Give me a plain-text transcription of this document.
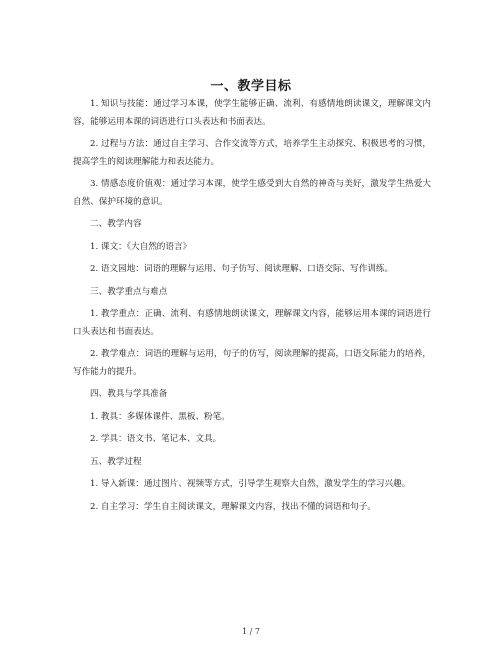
一、教学目标

1. 知识与技能：通过学习本课，使学生能够正确、流利、有感情地朗读课文，理解课文内容，能够运用本课的词语进行口头表达和书面表达。

2. 过程与方法：通过自主学习、合作交流等方式，培养学生主动探究、积极思考的习惯，提高学生的阅读理解能力和表达能力。

3. 情感态度价值观：通过学习本课，使学生感受到大自然的神奇与美好，激发学生热爱大自然、保护环境的意识。

二、教学内容

1. 课文：《大自然的语言》

2. 语文园地：词语的理解与运用、句子仿写、阅读理解、口语交际、写作训练。

三、教学重点与难点

1. 教学重点：正确、流利、有感情地朗读课文，理解课文内容，能够运用本课的词语进行口头表达和书面表达。

2. 教学难点：词语的理解与运用，句子的仿写，阅读理解的提高，口语交际能力的培养，写作能力的提升。

四、教具与学具准备

1. 教具：多媒体课件、黑板、粉笔。

2. 学具：语文书、笔记本、文具。

五、教学过程

1. 导入新课：通过图片、视频等方式，引导学生观察大自然，激发学生的学习兴趣。

2. 自主学习：学生自主阅读课文，理解课文内容，找出不懂的词语和句子。

1 / 7
